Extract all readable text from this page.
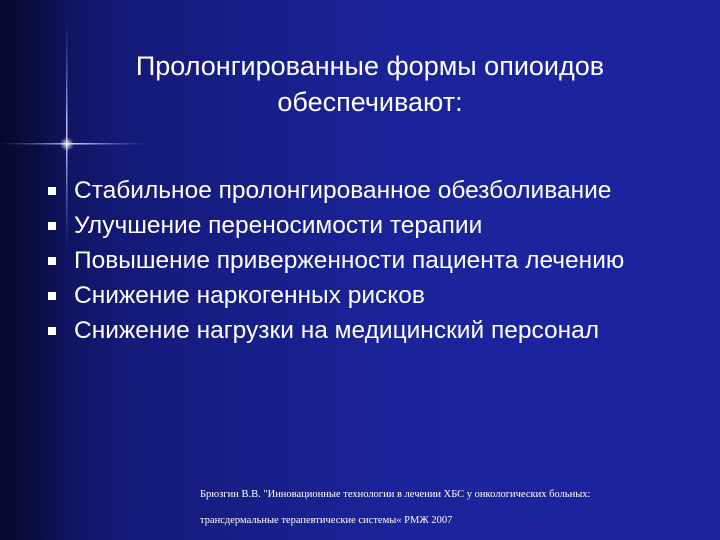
Пролонгированные формы опиоидов
обеспечивают:
Стабильное пролонгированное обезболивание
Улучшение переносимости терапии
Повышение приверженности пациента лечению
Снижение наркогенных рисков
Снижение нагрузки на медицинский персонал
Брюзгин В.В. "Инновационные технологии в лечении ХБС у онкологических больных:
трансдермальные терапевтические системы« РМЖ 2007
